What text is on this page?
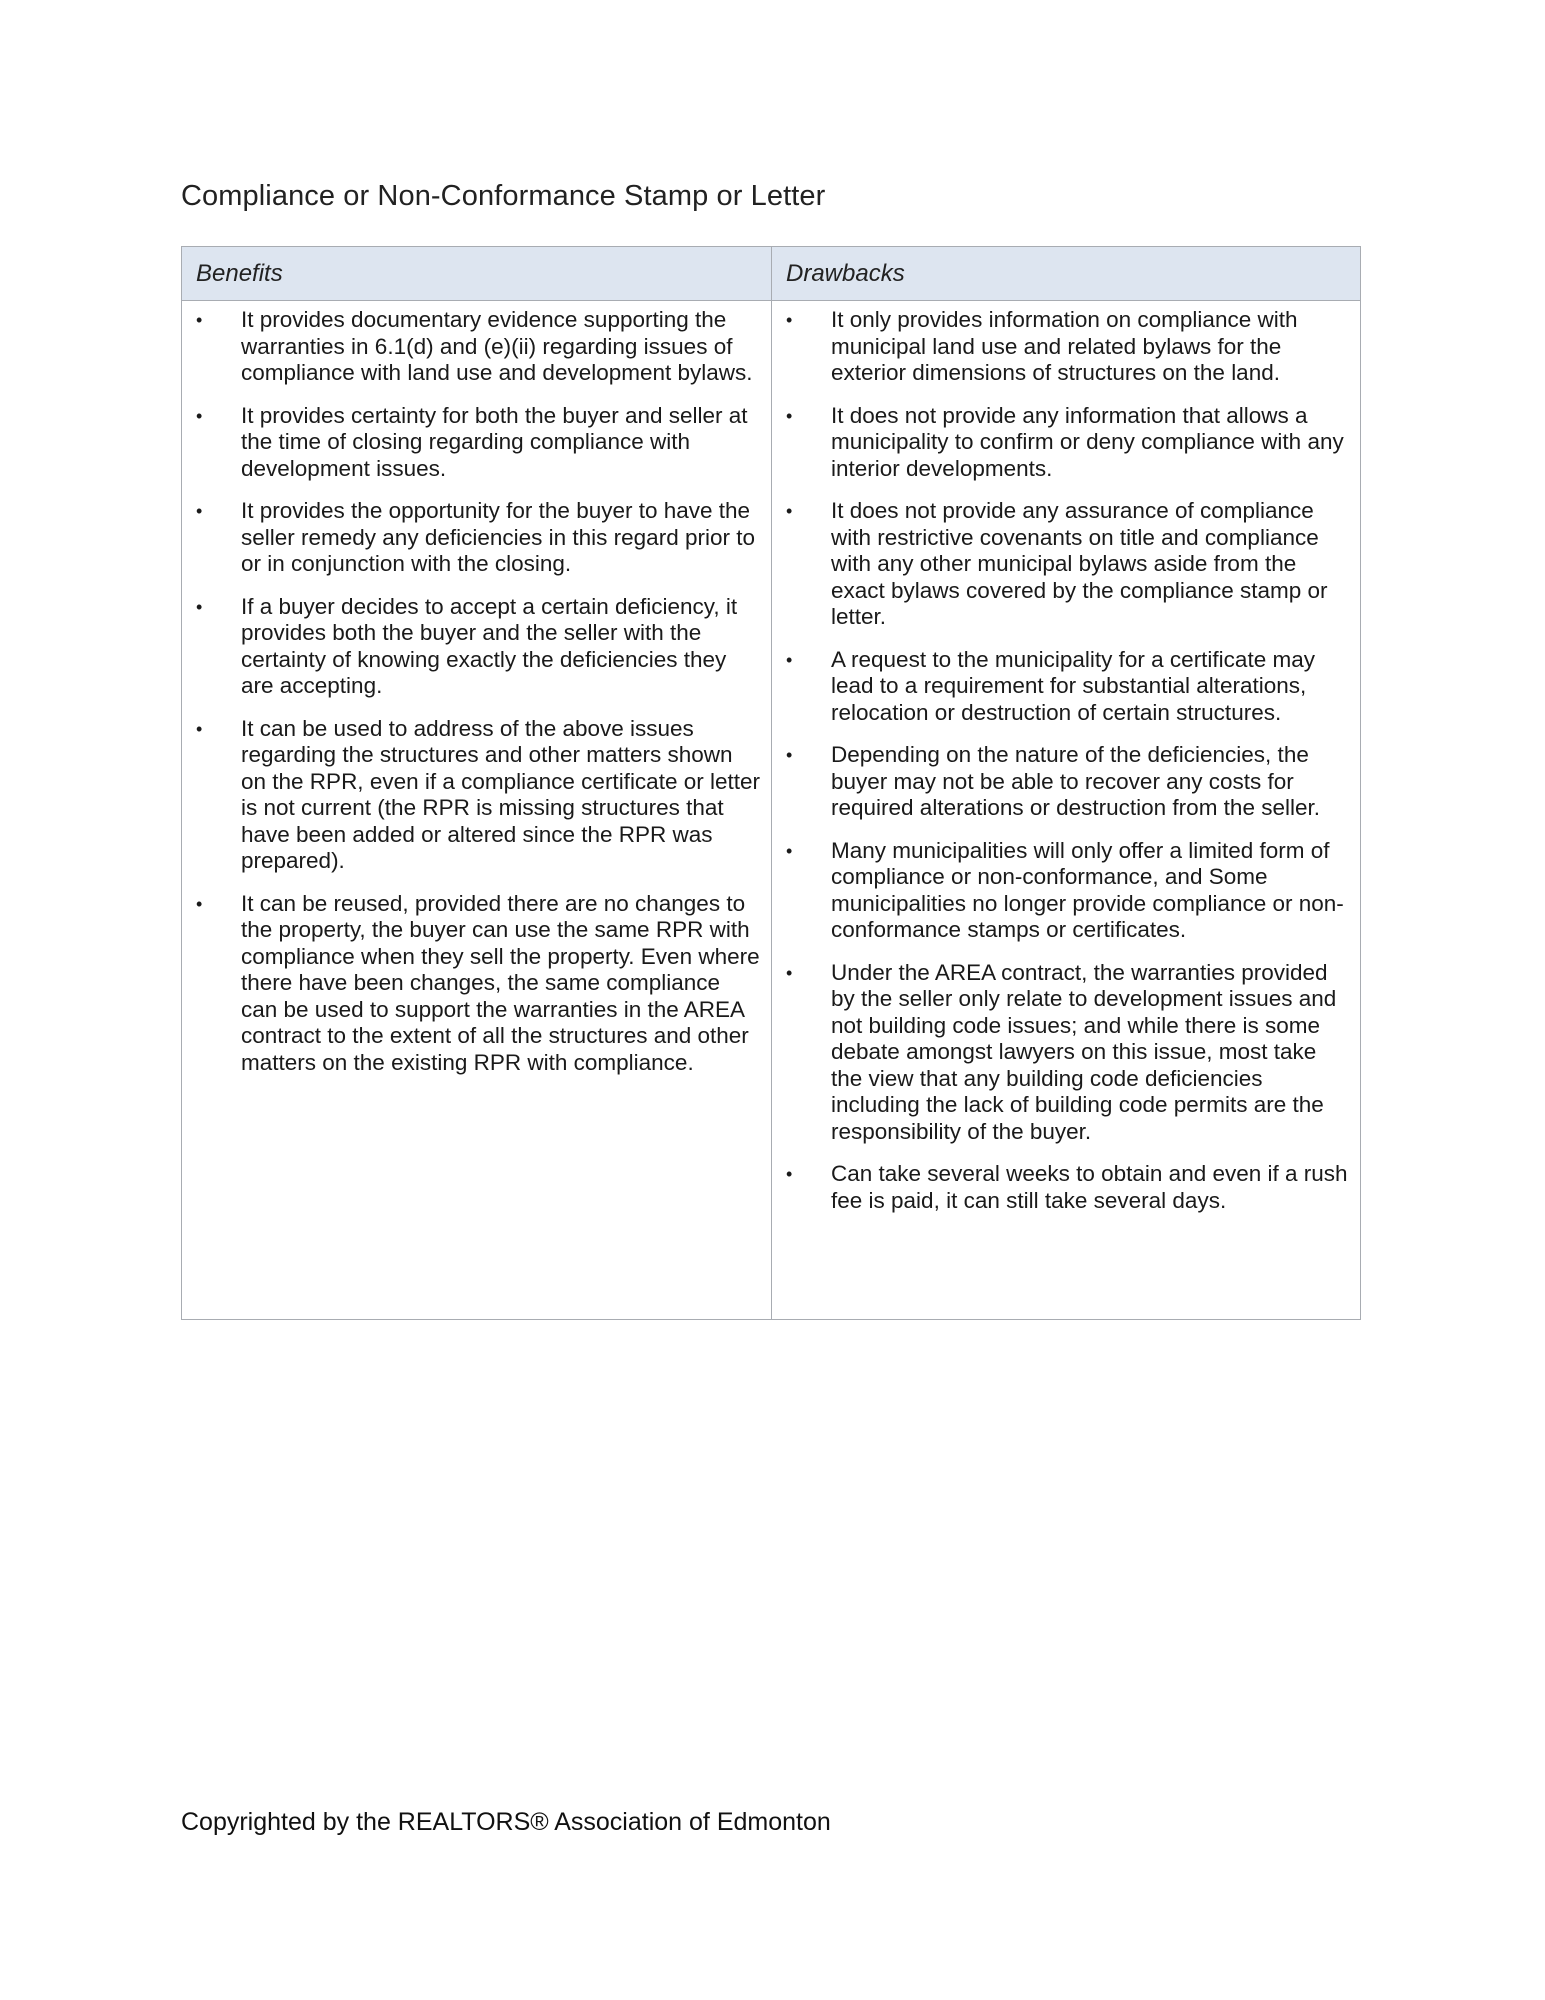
Compliance or Non-Conformance Stamp or Letter
Benefits	Drawbacks
• It provides documentary evidence supporting the warranties in 6.1(d) and (e)(ii) regarding issues of compliance with land use and development bylaws.
• It provides certainty for both the buyer and seller at the time of closing regarding compliance with development issues.
• It provides the opportunity for the buyer to have the seller remedy any deficiencies in this regard prior to or in conjunction with the closing.
• If a buyer decides to accept a certain deficiency, it provides both the buyer and the seller with the certainty of knowing exactly the deficiencies they are accepting.
• It can be used to address of the above issues regarding the structures and other matters shown on the RPR, even if a compliance certificate or letter is not current (the RPR is missing structures that have been added or altered since the RPR was prepared).
• It can be reused, provided there are no changes to the property, the buyer can use the same RPR with compliance when they sell the property. Even where there have been changes, the same compliance can be used to support the warranties in the AREA contract to the extent of all the structures and other matters on the existing RPR with compliance.
• It only provides information on compliance with municipal land use and related bylaws for the exterior dimensions of structures on the land.
• It does not provide any information that allows a municipality to confirm or deny compliance with any interior developments.
• It does not provide any assurance of compliance with restrictive covenants on title and compliance with any other municipal bylaws aside from the exact bylaws covered by the compliance stamp or letter.
• A request to the municipality for a certificate may lead to a requirement for substantial alterations, relocation or destruction of certain structures.
• Depending on the nature of the deficiencies, the buyer may not be able to recover any costs for required alterations or destruction from the seller.
• Many municipalities will only offer a limited form of compliance or non-conformance, and Some municipalities no longer provide compliance or non-conformance stamps or certificates.
• Under the AREA contract, the warranties provided by the seller only relate to development issues and not building code issues; and while there is some debate amongst lawyers on this issue, most take the view that any building code deficiencies including the lack of building code permits are the responsibility of the buyer.
• Can take several weeks to obtain and even if a rush fee is paid, it can still take several days.
Copyrighted by the REALTORS® Association of Edmonton
